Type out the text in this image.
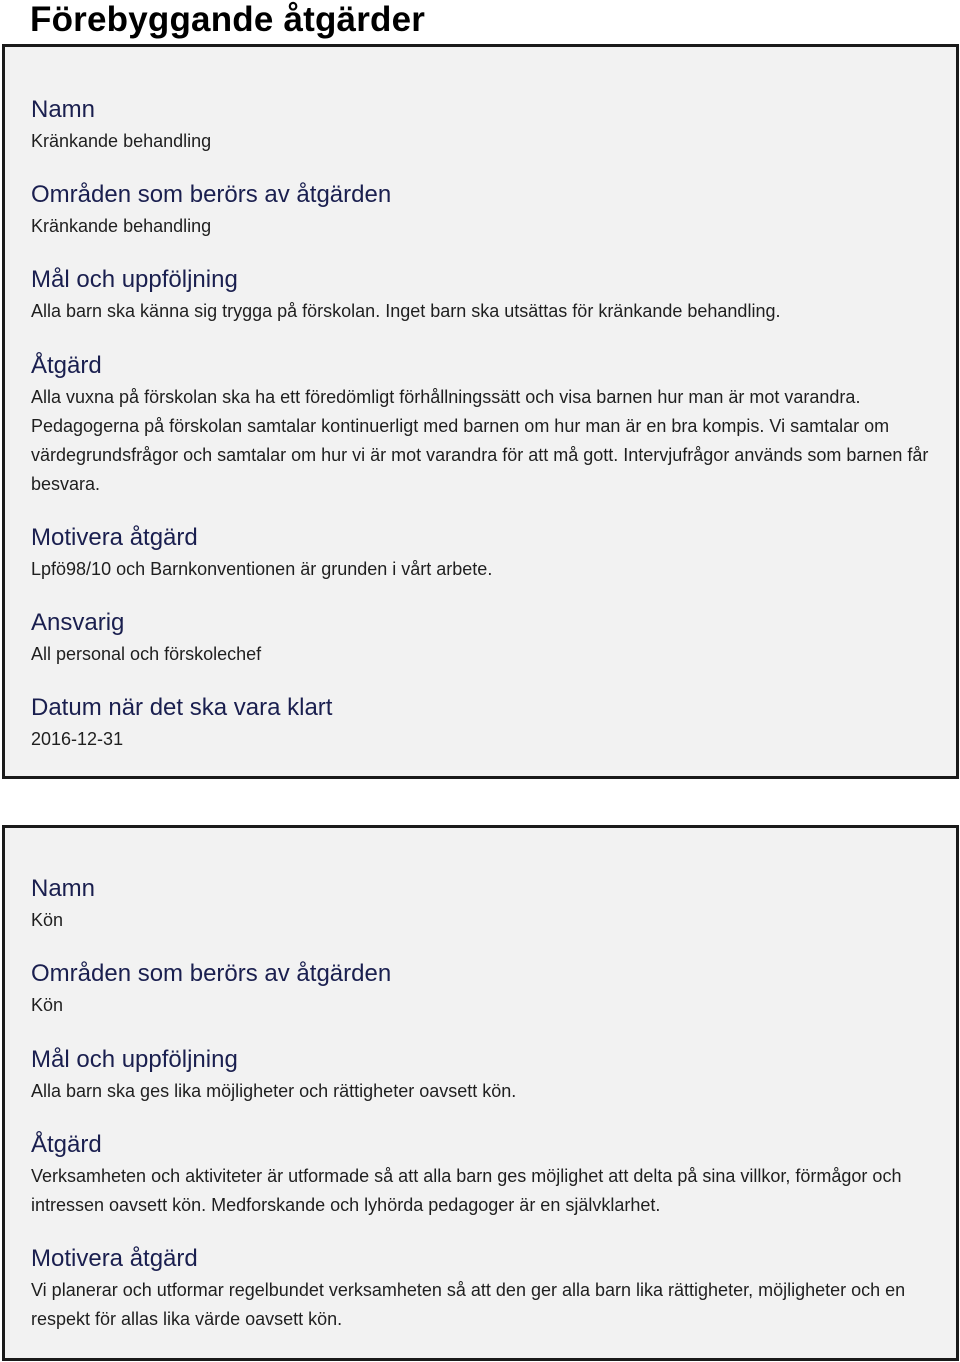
Förebyggande åtgärder
Namn

Kränkande behandling

Områden som berörs av åtgärden

Kränkande behandling

Mål och uppföljning

Alla barn ska känna sig trygga på förskolan. Inget barn ska utsättas för kränkande behandling.

Åtgärd

Alla vuxna på förskolan ska ha ett föredömligt förhållningssätt och visa barnen hur man är mot varandra. Pedagogerna på förskolan samtalar kontinuerligt med barnen om hur man är en bra kompis. Vi samtalar om värdegrundsfrågor och samtalar om hur vi är mot varandra för att må gott. Intervjufrågor används som barnen får besvara.

Motivera åtgärd

Lpfö98/10 och Barnkonventionen är grunden i vårt arbete.

Ansvarig

All personal och förskolechef

Datum när det ska vara klart

2016-12-31

Namn

Kön

Områden som berörs av åtgärden

Kön

Mål och uppföljning

Alla barn ska ges lika möjligheter och rättigheter oavsett kön.

Åtgärd

Verksamheten och aktiviteter är utformade så att alla barn ges möjlighet att delta på sina villkor, förmågor och intressen oavsett kön. Medforskande och lyhörda pedagoger är en självklarhet.

Motivera åtgärd

Vi planerar och utformar regelbundet verksamheten så att den ger alla barn lika rättigheter, möjligheter och en respekt för allas lika värde oavsett kön.
